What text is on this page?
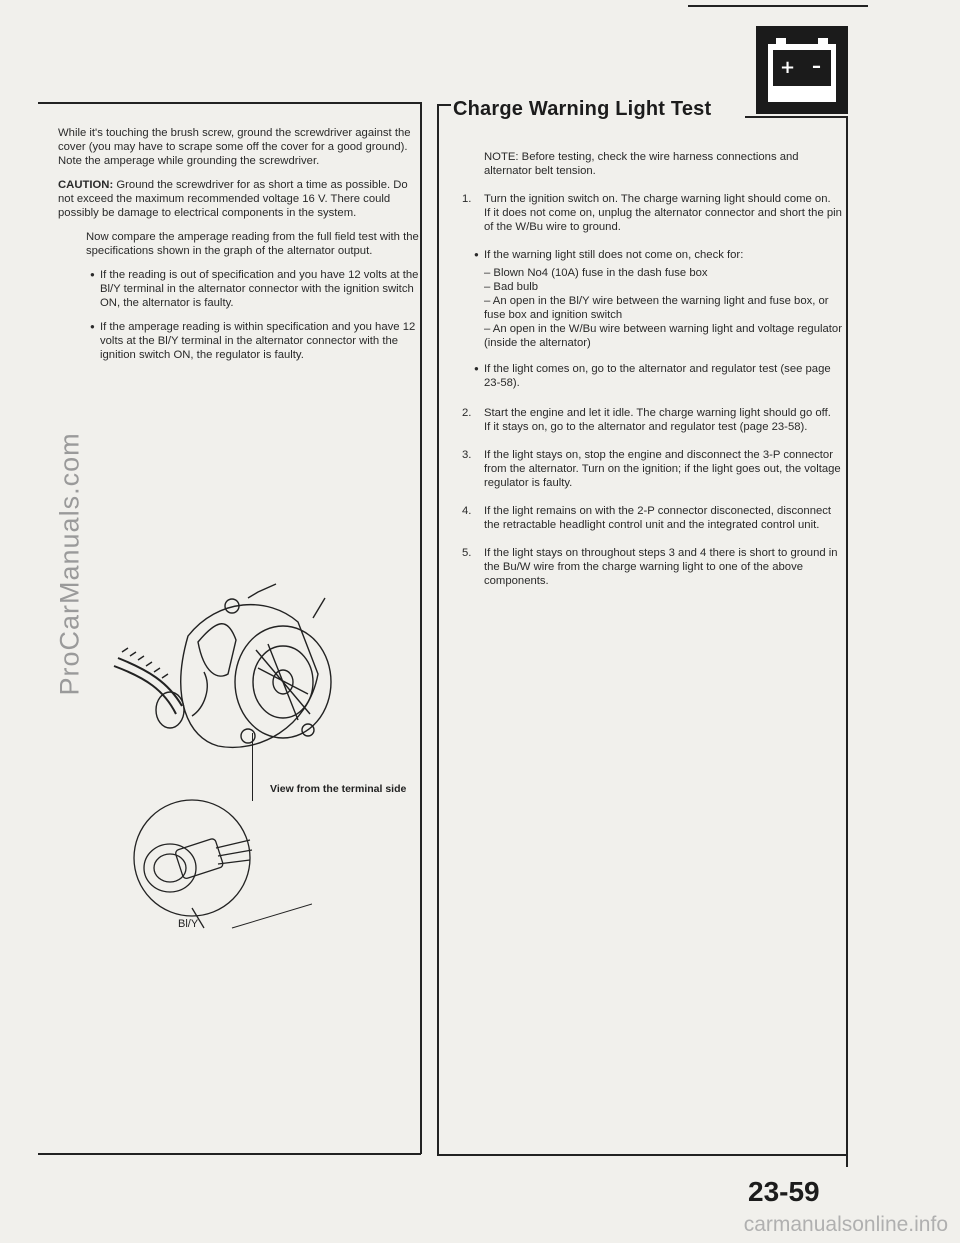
+ –

While it's touching the brush screw, ground the screwdriver against the cover (you may have to scrape some off the cover for a good ground). Note the amperage while grounding the screwdriver.

CAUTION: Ground the screwdriver for as short a time as possible. Do not exceed the maximum recommended voltage 16 V. There could possibly be damage to electrical components in the system.

Now compare the amperage reading from the full field test with the specifications shown in the graph of the alternator output.

● If the reading is out of specification and you have 12 volts at the Bl/Y terminal in the alternator connector with the ignition switch ON, the alternator is faulty.

● If the amperage reading is within specification and you have 12 volts at the Bl/Y terminal in the alternator connector with the ignition switch ON, the regulator is faulty.

View from the terminal side
Bl/Y
Charge Warning Light Test

NOTE: Before testing, check the wire harness connections and alternator belt tension.

1. Turn the ignition switch on. The charge warning light should come on.

If it does not come on, unplug the alternator connector and short the pin of the W/Bu wire to ground.

● If the warning light still does not come on, check for:

– Blown No4 (10A) fuse in the dash fuse box

– Bad bulb

– An open in the Bl/Y wire between the warning light and fuse box, or fuse box and ignition switch

– An open in the W/Bu wire between warning light and voltage regulator (inside the alternator)

● If the light comes on, go to the alternator and regulator test (see page 23-58).

2. Start the engine and let it idle. The charge warning light should go off.

If it stays on, go to the alternator and regulator test (page 23-58).

3. If the light stays on, stop the engine and disconnect the 3-P connector from the alternator. Turn on the ignition; if the light goes out, the voltage regulator is faulty.

4. If the light remains on with the 2-P connector disconected, disconnect the retractable headlight control unit and the integrated control unit.

5. If the light stays on throughout steps 3 and 4 there is short to ground in the Bu/W wire from the charge warning light to one of the above components.

23-59
ProCarManuals.com
carmanualsonline.info
